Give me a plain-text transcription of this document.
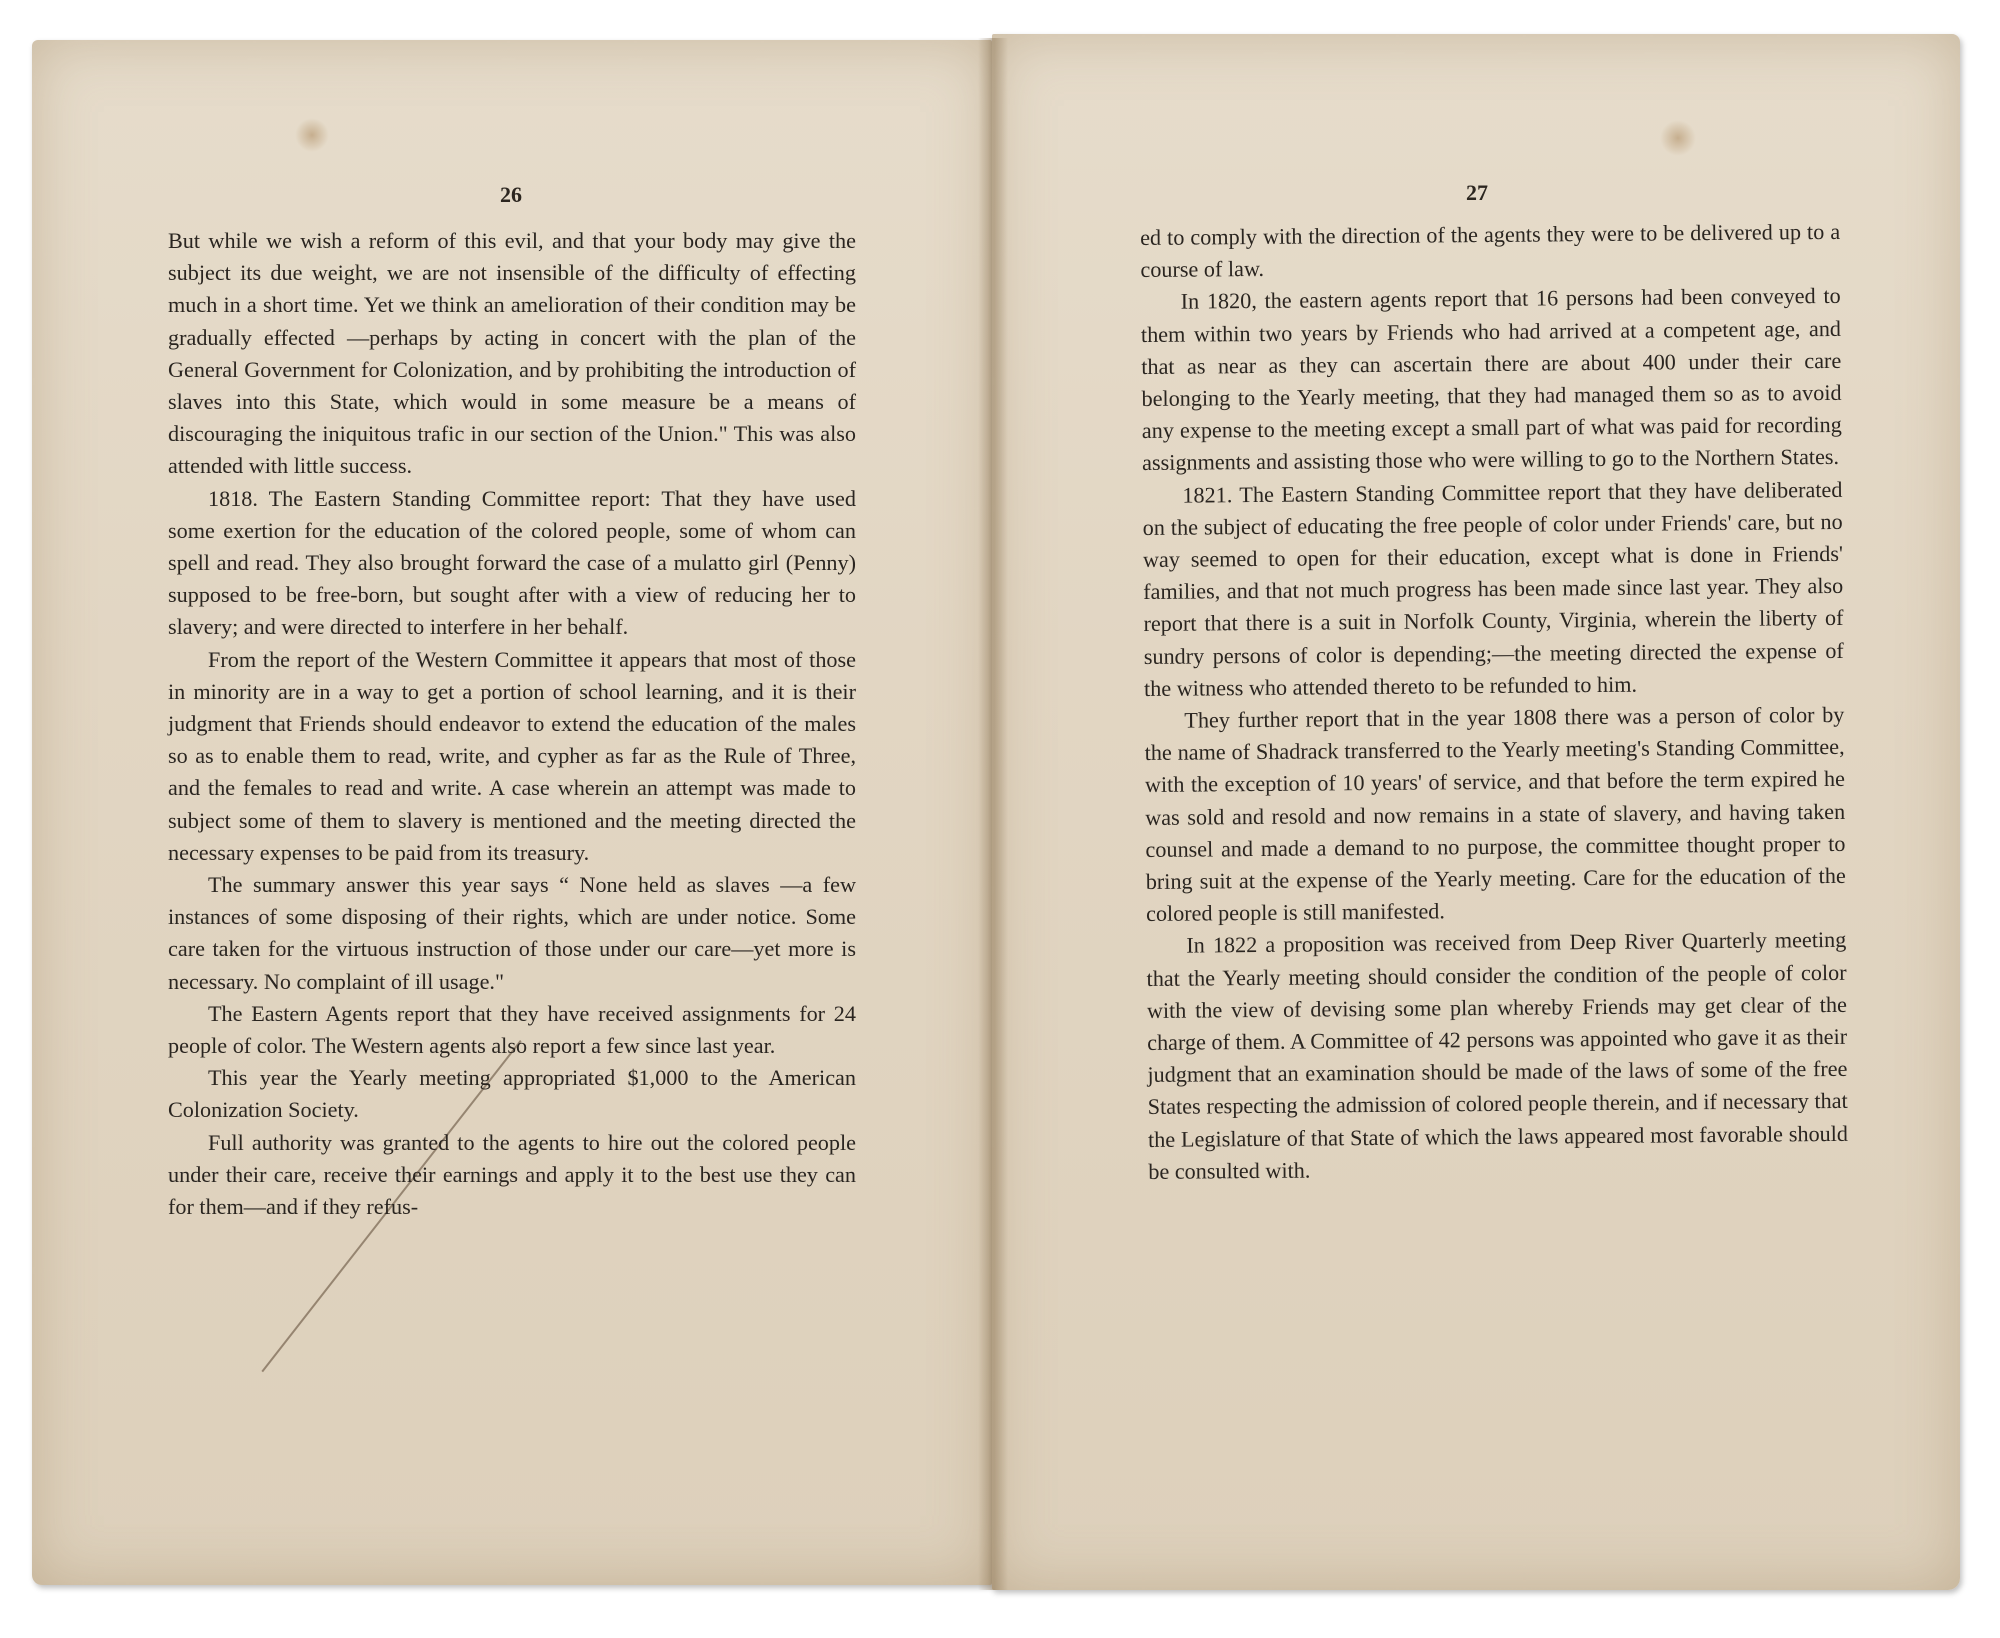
26	27

But while we wish a reform of this evil, and that your body may give the subject its due weight, we are not insensible of the difficulty of effecting much in a short time. Yet we think an amelioration of their condition may be gradually effected —perhaps by acting in concert with the plan of the General Government for Colonization, and by prohibiting the introduction of slaves into this State, which would in some measure be a means of discouraging the iniquitous trafic in our section of the Union." This was also attended with little success.

1818. The Eastern Standing Committee report: That they have used some exertion for the education of the colored people, some of whom can spell and read. They also brought forward the case of a mulatto girl (Penny) supposed to be free-born, but sought after with a view of reducing her to slavery; and were directed to interfere in her behalf.

From the report of the Western Committee it appears that most of those in minority are in a way to get a portion of school learning, and it is their judgment that Friends should endeavor to extend the education of the males so as to enable them to read, write, and cypher as far as the Rule of Three, and the females to read and write. A case wherein an attempt was made to subject some of them to slavery is mentioned and the meeting directed the necessary expenses to be paid from its treasury.

The summary answer this year says “ None held as slaves —a few instances of some disposing of their rights, which are under notice. Some care taken for the virtuous instruction of those under our care—yet more is necessary. No complaint of ill usage."

The Eastern Agents report that they have received assignments for 24 people of color. The Western agents also report a few since last year.

This year the Yearly meeting appropriated $1,000 to the American Colonization Society.

Full authority was granted to the agents to hire out the colored people under their care, receive their earnings and apply it to the best use they can for them—and if they refus-

ed to comply with the direction of the agents they were to be delivered up to a course of law.

In 1820, the eastern agents report that 16 persons had been conveyed to them within two years by Friends who had arrived at a competent age, and that as near as they can ascertain there are about 400 under their care belonging to the Yearly meeting, that they had managed them so as to avoid any expense to the meeting except a small part of what was paid for recording assignments and assisting those who were willing to go to the Northern States.

1821. The Eastern Standing Committee report that they have deliberated on the subject of educating the free people of color under Friends' care, but no way seemed to open for their education, except what is done in Friends' families, and that not much progress has been made since last year. They also report that there is a suit in Norfolk County, Virginia, wherein the liberty of sundry persons of color is depending;—the meeting directed the expense of the witness who attended thereto to be refunded to him.

They further report that in the year 1808 there was a person of color by the name of Shadrack transferred to the Yearly meeting's Standing Committee, with the exception of 10 years' of service, and that before the term expired he was sold and resold and now remains in a state of slavery, and having taken counsel and made a demand to no purpose, the committee thought proper to bring suit at the expense of the Yearly meeting. Care for the education of the colored people is still manifested.

In 1822 a proposition was received from Deep River Quarterly meeting that the Yearly meeting should consider the condition of the people of color with the view of devising some plan whereby Friends may get clear of the charge of them. A Committee of 42 persons was appointed who gave it as their judgment that an examination should be made of the laws of some of the free States respecting the admission of colored people therein, and if necessary that the Legislature of that State of which the laws appeared most favorable should be consulted with.
